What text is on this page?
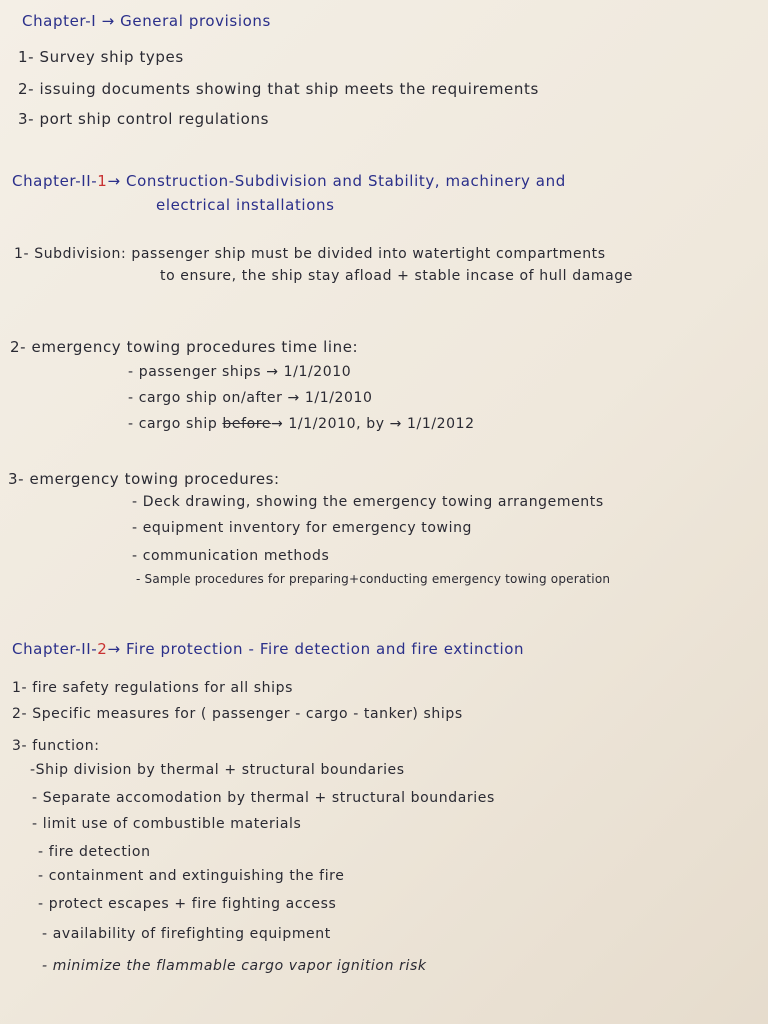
Chapter-I → General provisions
1- Survey ship types
2- issuing documents showing that ship meets the requirements
3- port ship control regulations
Chapter-II-1→ Construction-Subdivision and Stability, machinery and
electrical installations
1- Subdivision: passenger ship must be divided into watertight compartments
to ensure, the ship stay afload + stable incase of hull damage
2- emergency towing procedures time line:
- passenger ships → 1/1/2010
- cargo ship on/after → 1/1/2010
- cargo ship before→ 1/1/2010, by → 1/1/2012
3- emergency towing procedures:
- Deck drawing, showing the emergency towing arrangements
- equipment inventory for emergency towing
- communication methods
- Sample procedures for preparing+conducting emergency towing operation
Chapter-II-2→ Fire protection - Fire detection and fire extinction
1- fire safety regulations for all ships
2- Specific measures for ( passenger - cargo - tanker) ships
3- function:
-Ship division by thermal + structural boundaries
- Separate accomodation by thermal + structural boundaries
- limit use of combustible materials
- fire detection
- containment and extinguishing the fire
- protect escapes + fire fighting access
- availability of firefighting equipment
- minimize the flammable cargo vapor ignition risk
